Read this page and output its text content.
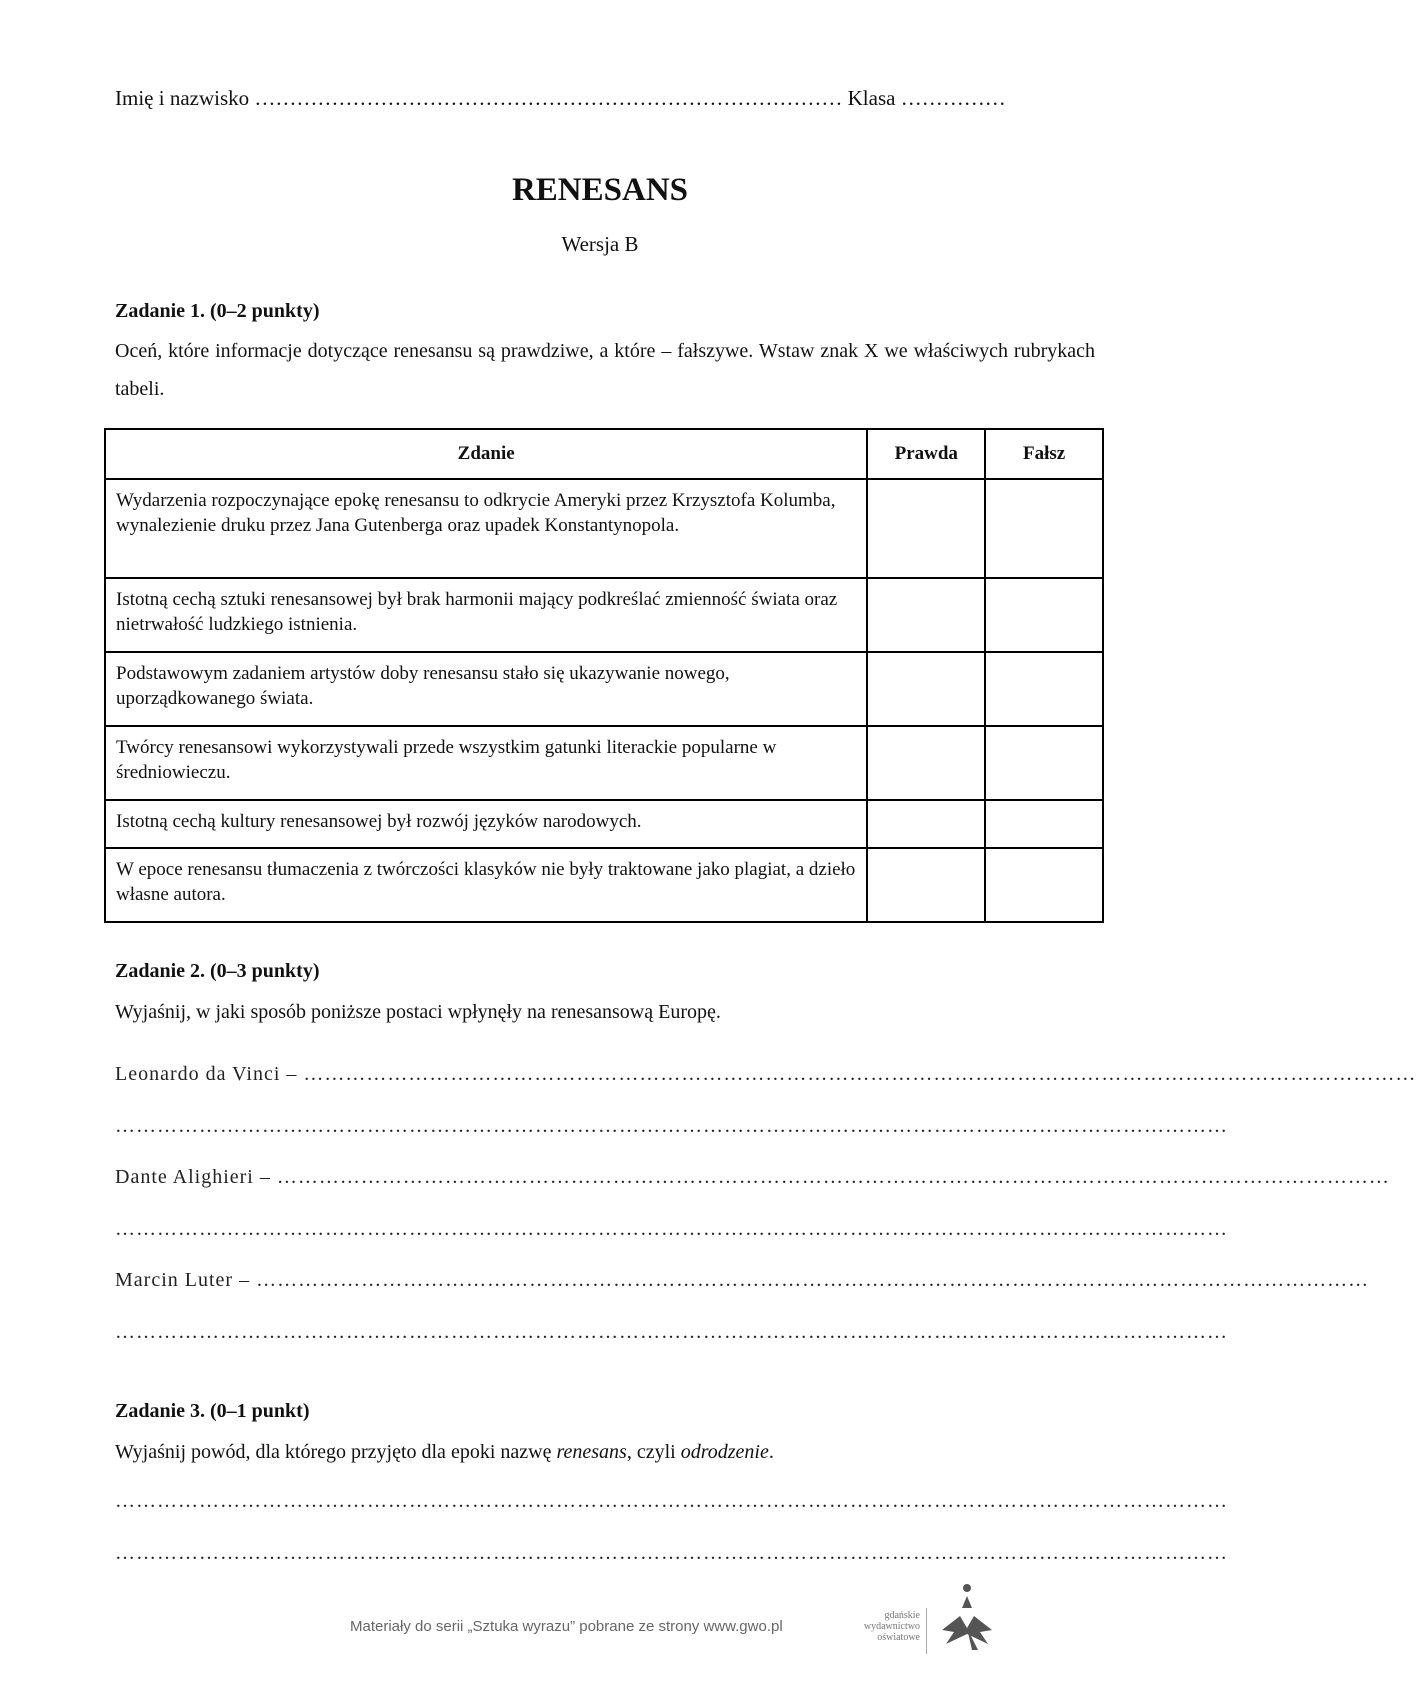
Imię i nazwisko ………………………………………………………………………… Klasa ……………
RENESANS
Wersja B
Zadanie 1. (0–2 punkty)
Oceń, które informacje dotyczące renesansu są prawdziwe, a które – fałszywe. Wstaw znak X we właściwych rubrykach tabeli.
Zdanie	Prawda	Fałsz
Wydarzenia rozpoczynające epokę renesansu to odkrycie Ameryki przez Krzysztofa Kolumba, wynalezienie druku przez Jana Gutenberga oraz upadek Konstantynopola.		
Istotną cechą sztuki renesansowej był brak harmonii mający podkreślać zmienność świata oraz nietrwałość ludzkiego istnienia.		
Podstawowym zadaniem artystów doby renesansu stało się ukazywanie nowego, uporządkowanego świata.		
Twórcy renesansowi wykorzystywali przede wszystkim gatunki literackie popularne w średniowieczu.		
Istotną cechą kultury renesansowej był rozwój języków narodowych.		
W epoce renesansu tłumaczenia z twórczości klasyków nie były traktowane jako plagiat, a dzieło własne autora.		
Zadanie 2. (0–3 punkty)
Wyjaśnij, w jaki sposób poniższe postaci wpłynęły na renesansową Europę.
Leonardo da Vinci – ……………………………………………………………………………………………………………………………………………
……………………………………………………………………………………………………………………………………………
Dante Alighieri – ……………………………………………………………………………………………………………………………………………
……………………………………………………………………………………………………………………………………………
Marcin Luter – ……………………………………………………………………………………………………………………………………………
……………………………………………………………………………………………………………………………………………
Zadanie 3. (0–1 punkt)
Wyjaśnij powód, dla którego przyjęto dla epoki nazwę renesans, czyli odrodzenie.
……………………………………………………………………………………………………………………………………………
……………………………………………………………………………………………………………………………………………
Materiały do serii „Sztuka wyrazu” pobrane ze strony www.gwo.pl
gdańskie
wydawnictwo
oświatowe
